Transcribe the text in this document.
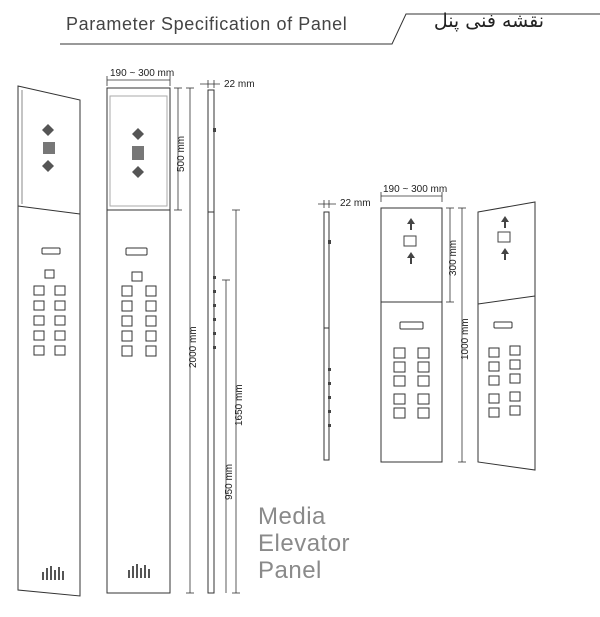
Parameter Specification of Panel	نقشه فنی پنل
190 ~ 300 mm
22 mm
500 mm
2000 mm
1650 mm
950 mm
190 ~ 300 mm
22 mm
300 mm
1000 mm
Media
Elevator
Panel
